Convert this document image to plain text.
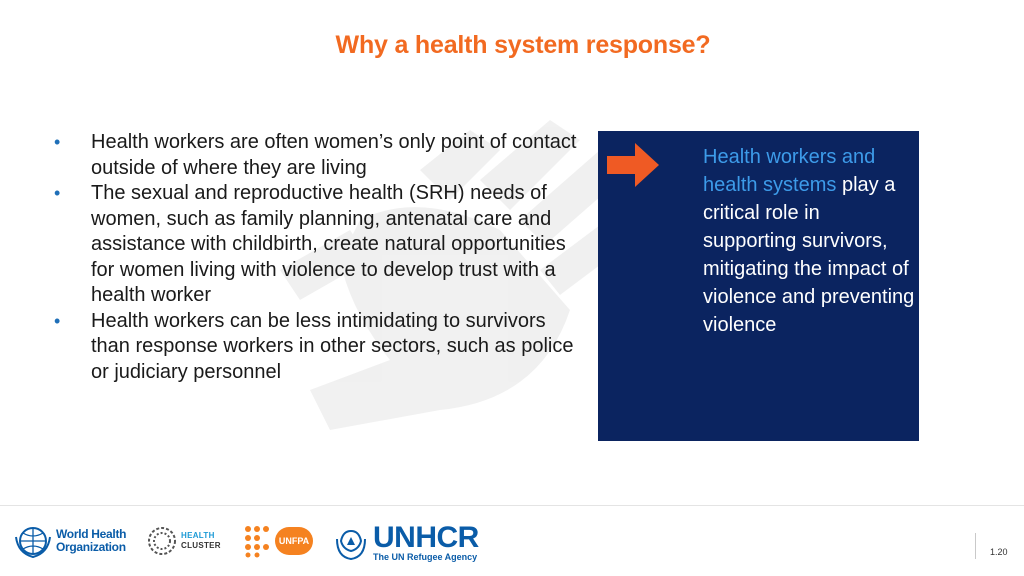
Why a health system response?
• Health workers are often women’s only point of contact outside of where they are living
• The sexual and reproductive health (SRH) needs of women, such as family planning, antenatal care and assistance with childbirth, create natural opportunities for women living with violence to develop trust with a health worker
• Health workers can be less intimidating to survivors than response workers in other sectors, such as police or judiciary personnel
Health workers and health systems play a critical role in supporting survivors, mitigating the impact of violence and preventing violence
World Health
Organization
HEALTH
CLUSTER	UNFPA UNHCR
The UN Refugee Agency	1.20
